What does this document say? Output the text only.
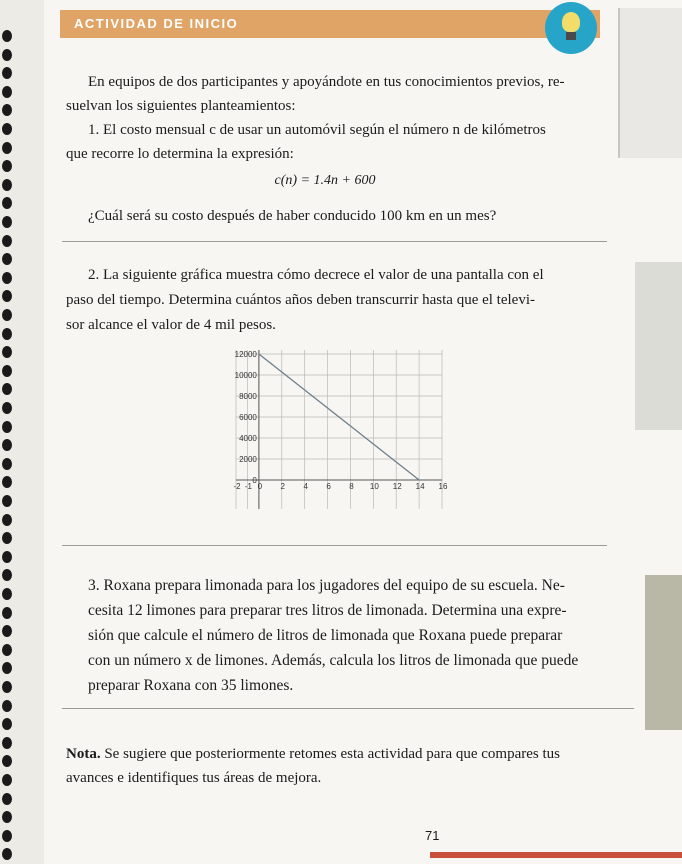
ACTIVIDAD DE INICIO
En equipos de dos participantes y apoyándote en tus conocimientos previos, re-
suelvan los siguientes planteamientos:
1. El costo mensual c de usar un automóvil según el número n de kilómetros
que recorre lo determina la expresión:
c(n) = 1.4n + 600
¿Cuál será su costo después de haber conducido 100 km en un mes?
2. La siguiente gráfica muestra cómo decrece el valor de una pantalla con el
paso del tiempo. Determina cuántos años deben transcurrir hasta que el televi-
sor alcance el valor de 4 mil pesos.
12000
10000
8000
6000
4000
2000
0
-2 -1 0 2 4 6 8 10 12 14 16
3. Roxana prepara limonada para los jugadores del equipo de su escuela. Ne-
cesita 12 limones para preparar tres litros de limonada. Determina una expre-
sión que calcule el número de litros de limonada que Roxana puede preparar
con un número x de limones. Además, calcula los litros de limonada que puede
preparar Roxana con 35 limones.
Nota. Se sugiere que posteriormente retomes esta actividad para que compares tus
avances e identifiques tus áreas de mejora.
71
